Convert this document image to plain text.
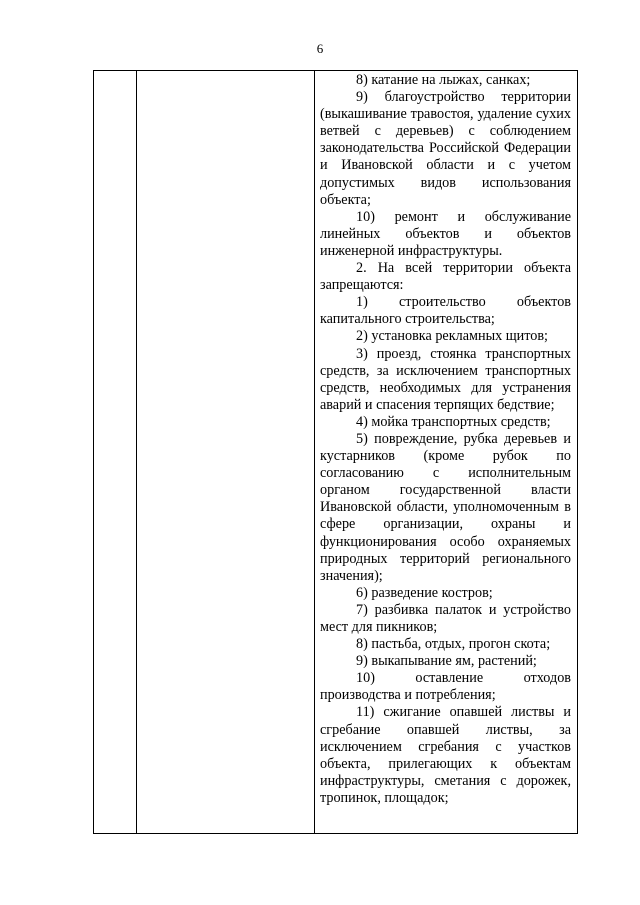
6

8) катание на лыжах, санках;

9) благоустройство территории (выкашивание травостоя, удаление сухих ветвей с деревьев) с соблюдением законодательства Российской Федерации и Ивановской области и с учетом допустимых видов использования объекта;

10) ремонт и обслуживание линейных объектов и объектов инженерной инфраструктуры.

2. На всей территории объекта запрещаются:

1) строительство объектов капитального строительства;

2) установка рекламных щитов;

3) проезд, стоянка транспортных средств, за исключением транспортных средств, необходимых для устранения аварий и спасения терпящих бедствие;

4) мойка транспортных средств;

5) повреждение, рубка деревьев и кустарников (кроме рубок по согласованию с исполнительным органом государственной власти Ивановской области, уполномоченным в сфере организации, охраны и функционирования особо охраняемых природных территорий регионального значения);

6) разведение костров;

7) разбивка палаток и устройство мест для пикников;

8) пастьба, отдых, прогон скота;

9) выкапывание ям, растений;

10) оставление отходов производства и потребления;

11) сжигание опавшей листвы и сгребание опавшей листвы, за исключением сгребания с участков объекта, прилегающих к объектам инфраструктуры, сметания с дорожек, тропинок, площадок;
